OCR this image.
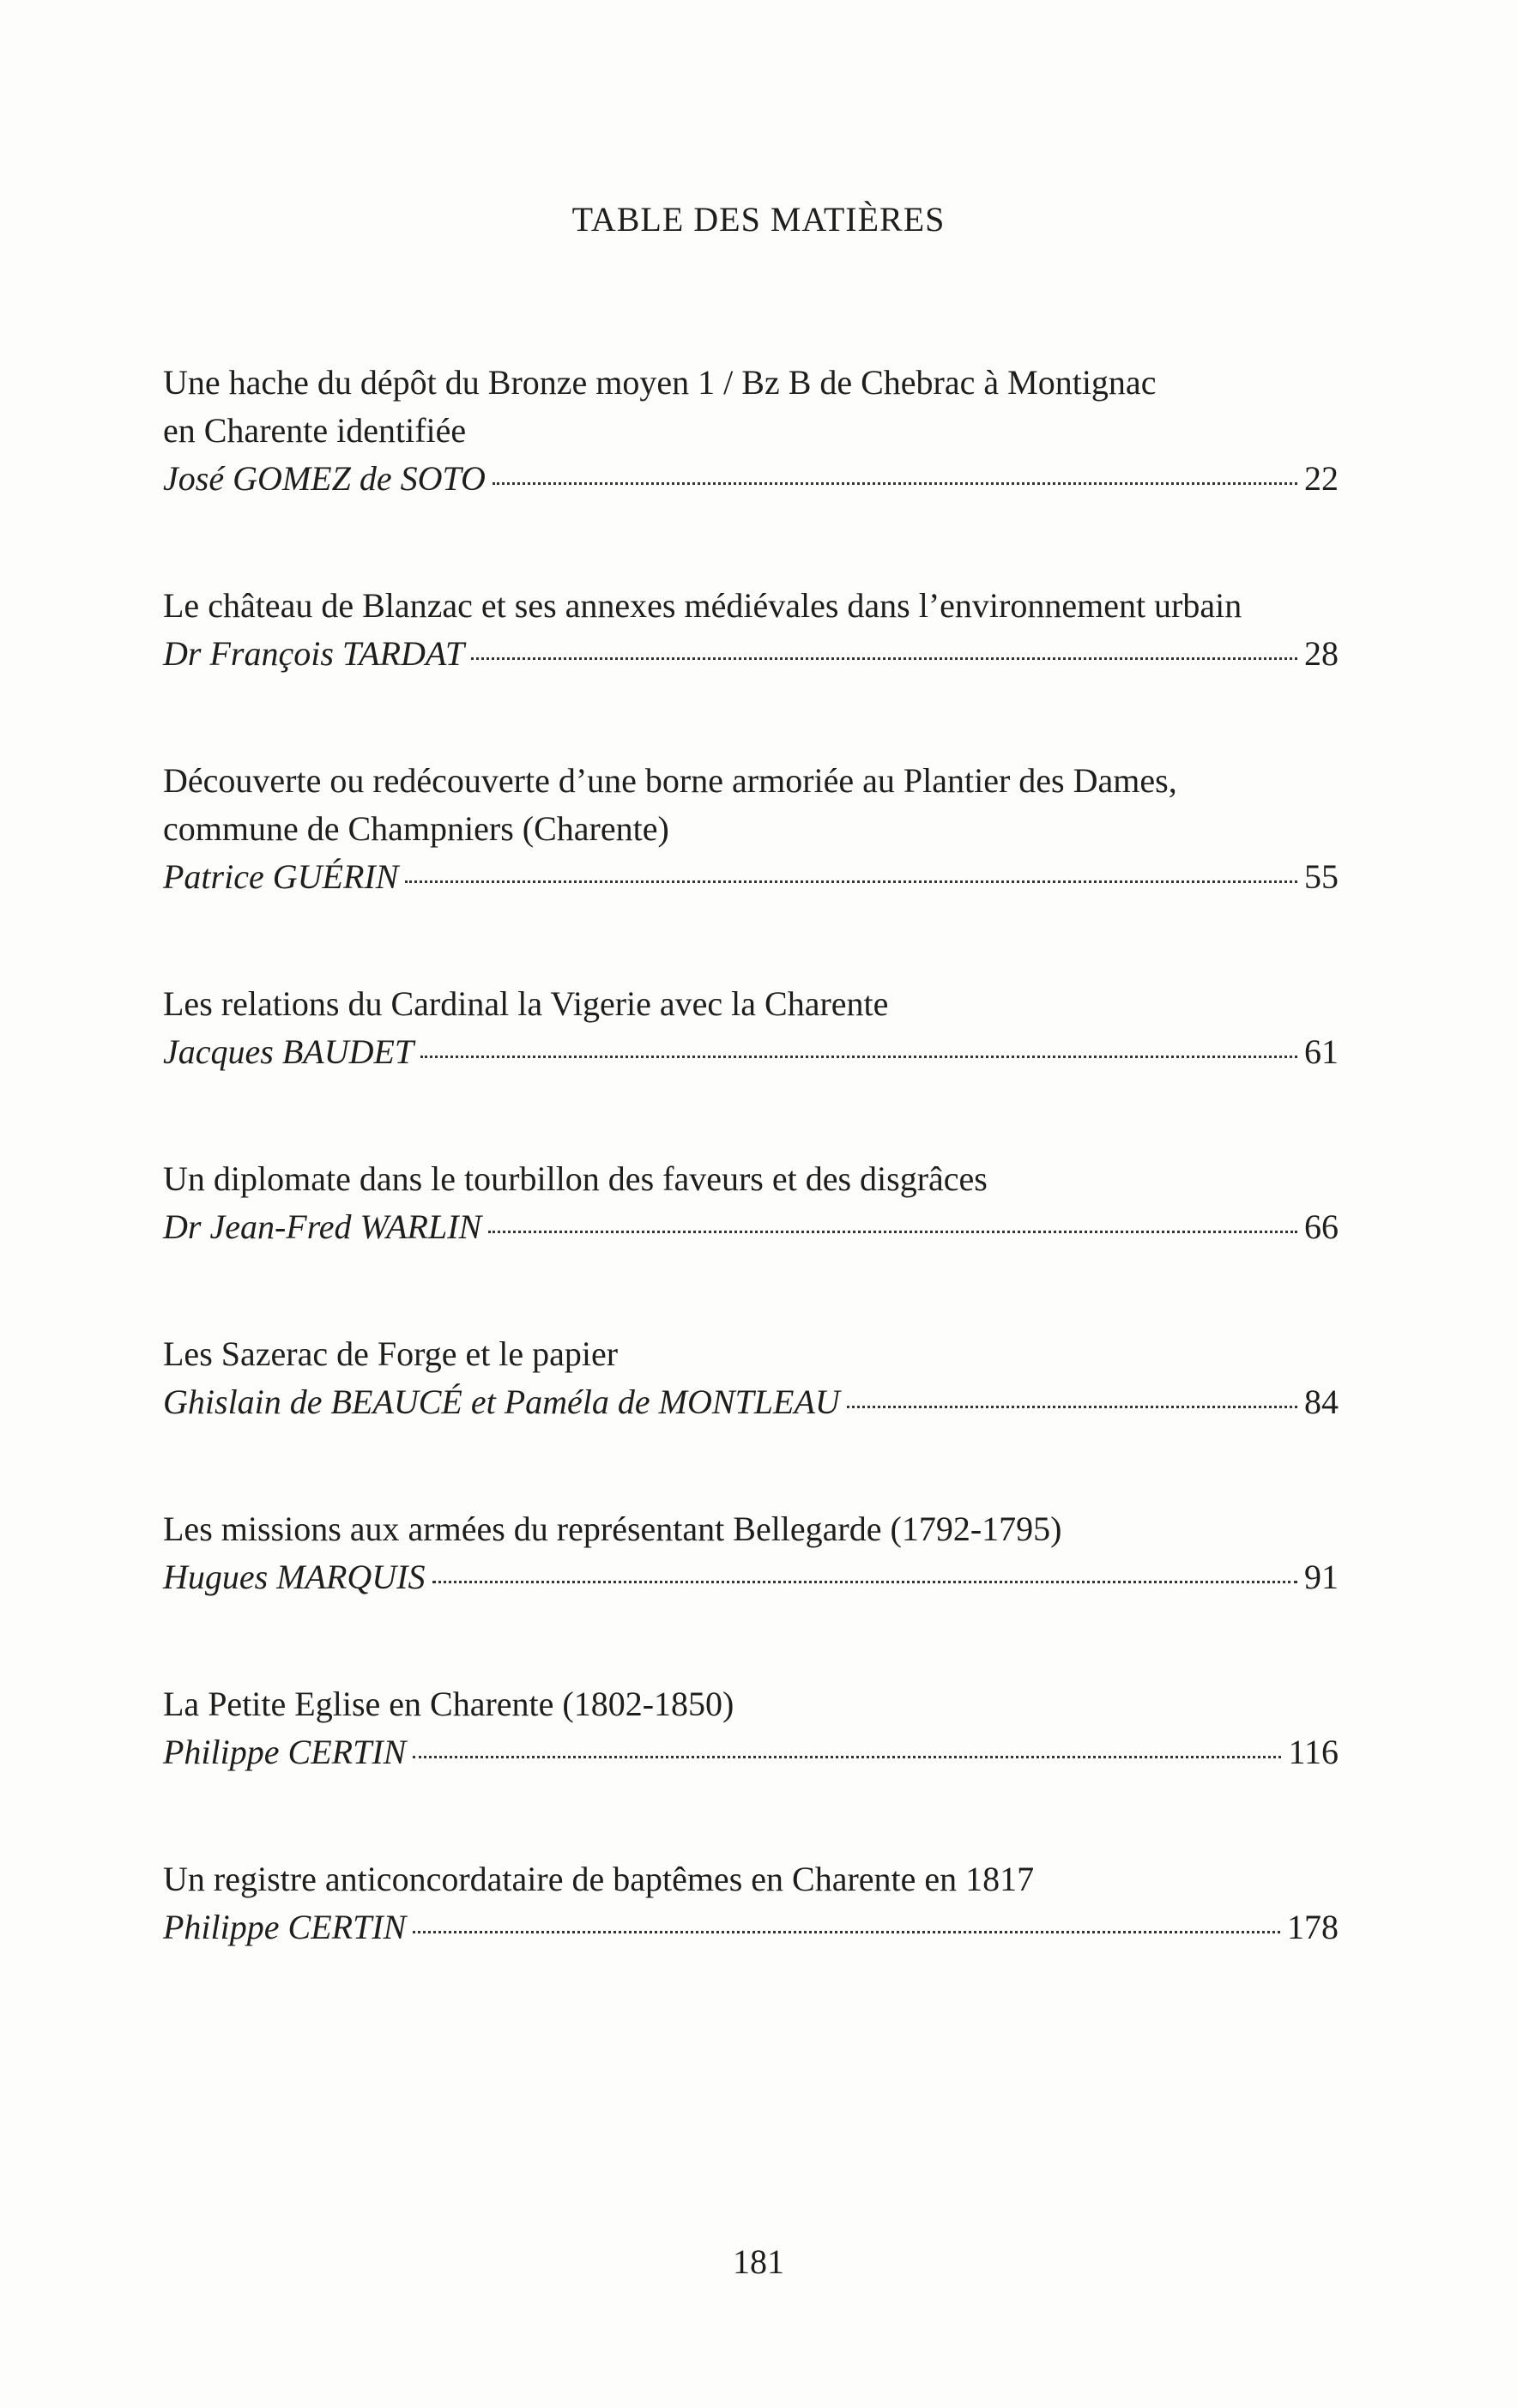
TABLE DES MATIÈRES

Une hache du dépôt du Bronze moyen 1 / Bz B de Chebrac à Montignac
en Charente identifiée

José GOMEZ de SOTO	22

Le château de Blanzac et ses annexes médiévales dans l’environnement urbain

Dr François TARDAT	28

Découverte ou redécouverte d’une borne armoriée au Plantier des Dames,
commune de Champniers (Charente)

Patrice GUÉRIN	55

Les relations du Cardinal la Vigerie avec la Charente

Jacques BAUDET	61

Un diplomate dans le tourbillon des faveurs et des disgrâces

Dr Jean-Fred WARLIN	66

Les Sazerac de Forge et le papier

Ghislain de BEAUCÉ et Paméla de MONTLEAU	84

Les missions aux armées du représentant Bellegarde (1792-1795)

Hugues MARQUIS	91

La Petite Eglise en Charente (1802-1850)

Philippe CERTIN	116

Un registre anticoncordataire de baptêmes en Charente en 1817

Philippe CERTIN	178
181
